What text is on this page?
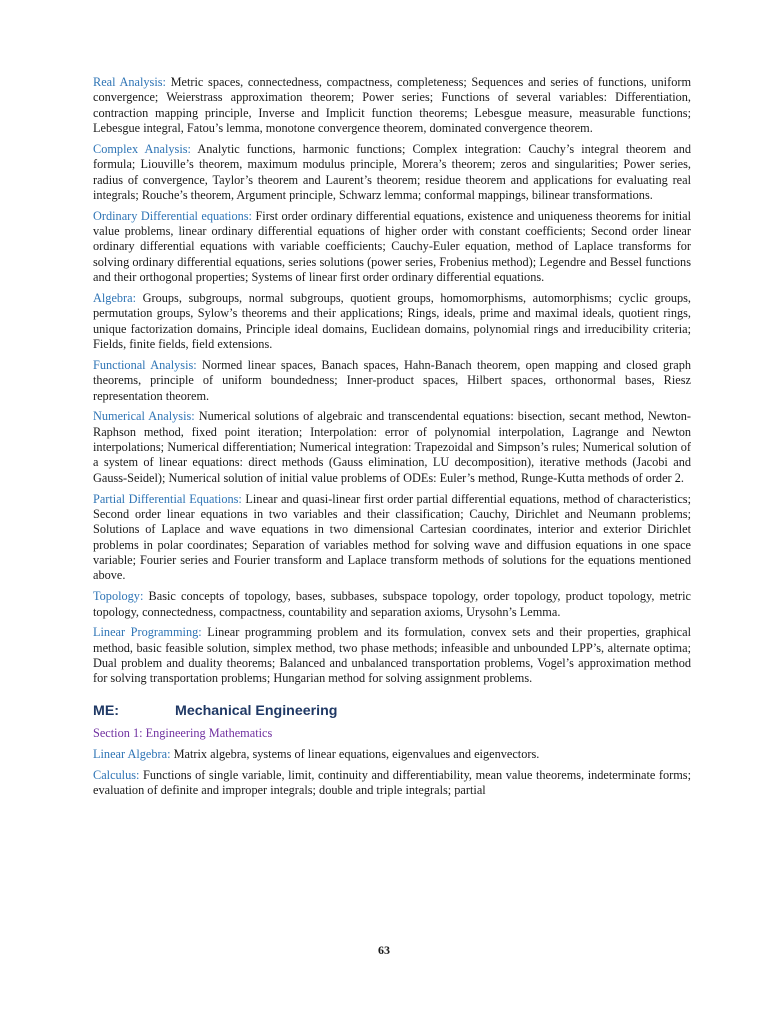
Real Analysis: Metric spaces, connectedness, compactness, completeness; Sequences and series of functions, uniform convergence; Weierstrass approximation theorem; Power series; Functions of several variables: Differentiation, contraction mapping principle, Inverse and Implicit function theorems; Lebesgue measure, measurable functions; Lebesgue integral, Fatou’s lemma, monotone convergence theorem, dominated convergence theorem.

Complex Analysis: Analytic functions, harmonic functions; Complex integration: Cauchy’s integral theorem and formula; Liouville’s theorem, maximum modulus principle, Morera’s theorem; zeros and singularities; Power series, radius of convergence, Taylor’s theorem and Laurent’s theorem; residue theorem and applications for evaluating real integrals; Rouche’s theorem, Argument principle, Schwarz lemma; conformal mappings, bilinear transformations.

Ordinary Differential equations: First order ordinary differential equations, existence and uniqueness theorems for initial value problems, linear ordinary differential equations of higher order with constant coefficients; Second order linear ordinary differential equations with variable coefficients; Cauchy-Euler equation, method of Laplace transforms for solving ordinary differential equations, series solutions (power series, Frobenius method); Legendre and Bessel functions and their orthogonal properties; Systems of linear first order ordinary differential equations.

Algebra: Groups, subgroups, normal subgroups, quotient groups, homomorphisms, automorphisms; cyclic groups, permutation groups, Sylow’s theorems and their applications; Rings, ideals, prime and maximal ideals, quotient rings, unique factorization domains, Principle ideal domains, Euclidean domains, polynomial rings and irreducibility criteria; Fields, finite fields, field extensions.

Functional Analysis: Normed linear spaces, Banach spaces, Hahn-Banach theorem, open mapping and closed graph theorems, principle of uniform boundedness; Inner-product spaces, Hilbert spaces, orthonormal bases, Riesz representation theorem.

Numerical Analysis: Numerical solutions of algebraic and transcendental equations: bisection, secant method, Newton-Raphson method, fixed point iteration; Interpolation: error of polynomial interpolation, Lagrange and Newton interpolations; Numerical differentiation; Numerical integration: Trapezoidal and Simpson’s rules; Numerical solution of a system of linear equations: direct methods (Gauss elimination, LU decomposition), iterative methods (Jacobi and Gauss-Seidel); Numerical solution of initial value problems of ODEs: Euler’s method, Runge-Kutta methods of order 2.

Partial Differential Equations: Linear and quasi-linear first order partial differential equations, method of characteristics; Second order linear equations in two variables and their classification; Cauchy, Dirichlet and Neumann problems; Solutions of Laplace and wave equations in two dimensional Cartesian coordinates, interior and exterior Dirichlet problems in polar coordinates; Separation of variables method for solving wave and diffusion equations in one space variable; Fourier series and Fourier transform and Laplace transform methods of solutions for the equations mentioned above.

Topology: Basic concepts of topology, bases, subbases, subspace topology, order topology, product topology, metric topology, connectedness, compactness, countability and separation axioms, Urysohn’s Lemma.

Linear Programming: Linear programming problem and its formulation, convex sets and their properties, graphical method, basic feasible solution, simplex method, two phase methods; infeasible and unbounded LPP’s, alternate optima; Dual problem and duality theorems; Balanced and unbalanced transportation problems, Vogel’s approximation method for solving transportation problems; Hungarian method for solving assignment problems.

ME:	Mechanical Engineering

Section 1: Engineering Mathematics

Linear Algebra: Matrix algebra, systems of linear equations, eigenvalues and eigenvectors.

Calculus: Functions of single variable, limit, continuity and differentiability, mean value theorems, indeterminate forms; evaluation of definite and improper integrals; double and triple integrals; partial

63
